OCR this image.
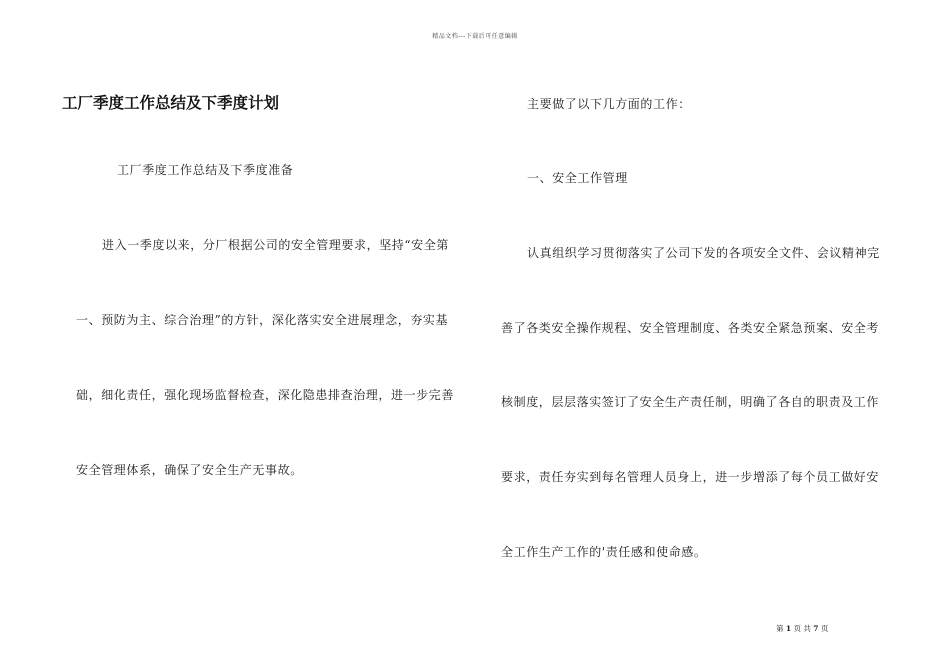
精品文档---下载后可任意编辑
工厂季度工作总结及下季度计划
工厂季度工作总结及下季度准备
进入一季度以来，分厂根据公司的安全管理要求，坚持“安全第
一、预防为主、综合治理”的方针，深化落实安全进展理念，夯实基
础，细化责任，强化现场监督检查，深化隐患排查治理，进一步完善
安全管理体系，确保了安全生产无事故。
主要做了以下几方面的工作：
一、安全工作管理
认真组织学习贯彻落实了公司下发的各项安全文件、会议精神完
善了各类安全操作规程、安全管理制度、各类安全紧急预案、安全考
核制度，层层落实签订了安全生产责任制，明确了各自的职责及工作
要求，责任夯实到每名管理人员身上，进一步增添了每个员工做好安
全工作生产工作的'责任感和使命感。
第 1 页 共 7 页
